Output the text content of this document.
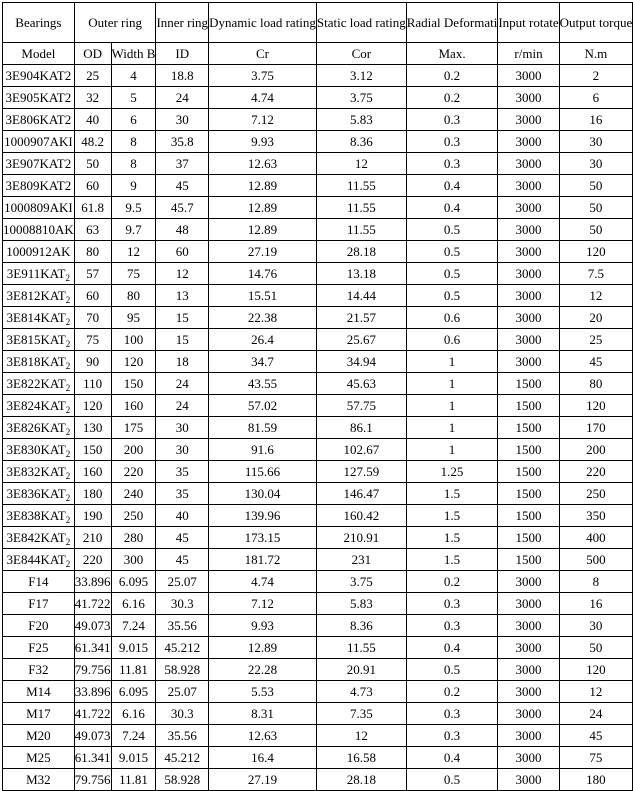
Bearings	Outer ring		Inner ring	Dynamic load rating	Static load rating	Radial Deformati	Input rotate	Output torque
Model	OD	Width B	ID	Cr	Cor	Max.	r/min	N.m
3E904KAT2	25	4	18.8	3.75	3.12	0.2	3000	2
3E905KAT2	32	5	24	4.74	3.75	0.2	3000	6
3E806KAT2	40	6	30	7.12	5.83	0.3	3000	16
1000907AKI	48.2	8	35.8	9.93	8.36	0.3	3000	30
3E907KAT2	50	8	37	12.63	12	0.3	3000	30
3E809KAT2	60	9	45	12.89	11.55	0.4	3000	50
1000809AKI	61.8	9.5	45.7	12.89	11.55	0.4	3000	50
10008810AK	63	9.7	48	12.89	11.55	0.5	3000	50
1000912AK	80	12	60	27.19	28.18	0.5	3000	120
$3E911KAT_2$	57	75	12	14.76	13.18	0.5	3000	7.5
$3E812KAT_2$	60	80	13	15.51	14.44	0.5	3000	12
$3E814KAT_2$	70	95	15	22.38	21.57	0.6	3000	20
$3E815KAT_2$	75	100	15	26.4	25.67	0.6	3000	25
$3E818KAT_2$	90	120	18	34.7	34.94	1	3000	45
$3E822KAT_2$	110	150	24	43.55	45.63	1	1500	80
$3E824KAT_2$	120	160	24	57.02	57.75	1	1500	120
$3E826KAT_2$	130	175	30	81.59	86.1	1	1500	170
$3E830KAT_2$	150	200	30	91.6	102.67	1	1500	200
$3E832KAT_2$	160	220	35	115.66	127.59	1.25	1500	220
$3E836KAT_2$	180	240	35	130.04	146.47	1.5	1500	250
$3E838KAT_2$	190	250	40	139.96	160.42	1.5	1500	350
$3E842KAT_2$	210	280	45	173.15	210.91	1.5	1500	400
$3E844KAT_2$	220	300	45	181.72	231	1.5	1500	500
F14	33.896	6.095	25.07	4.74	3.75	0.2	3000	8
F17	41.722	6.16	30.3	7.12	5.83	0.3	3000	16
F20	49.073	7.24	35.56	9.93	8.36	0.3	3000	30
F25	61.341	9.015	45.212	12.89	11.55	0.4	3000	50
F32	79.756	11.81	58.928	22.28	20.91	0.5	3000	120
M14	33.896	6.095	25.07	5.53	4.73	0.2	3000	12
M17	41.722	6.16	30.3	8.31	7.35	0.3	3000	24
M20	49.073	7.24	35.56	12.63	12	0.3	3000	45
M25	61.341	9.015	45.212	16.4	16.58	0.4	3000	75
M32	79.756	11.81	58.928	27.19	28.18	0.5	3000	180
